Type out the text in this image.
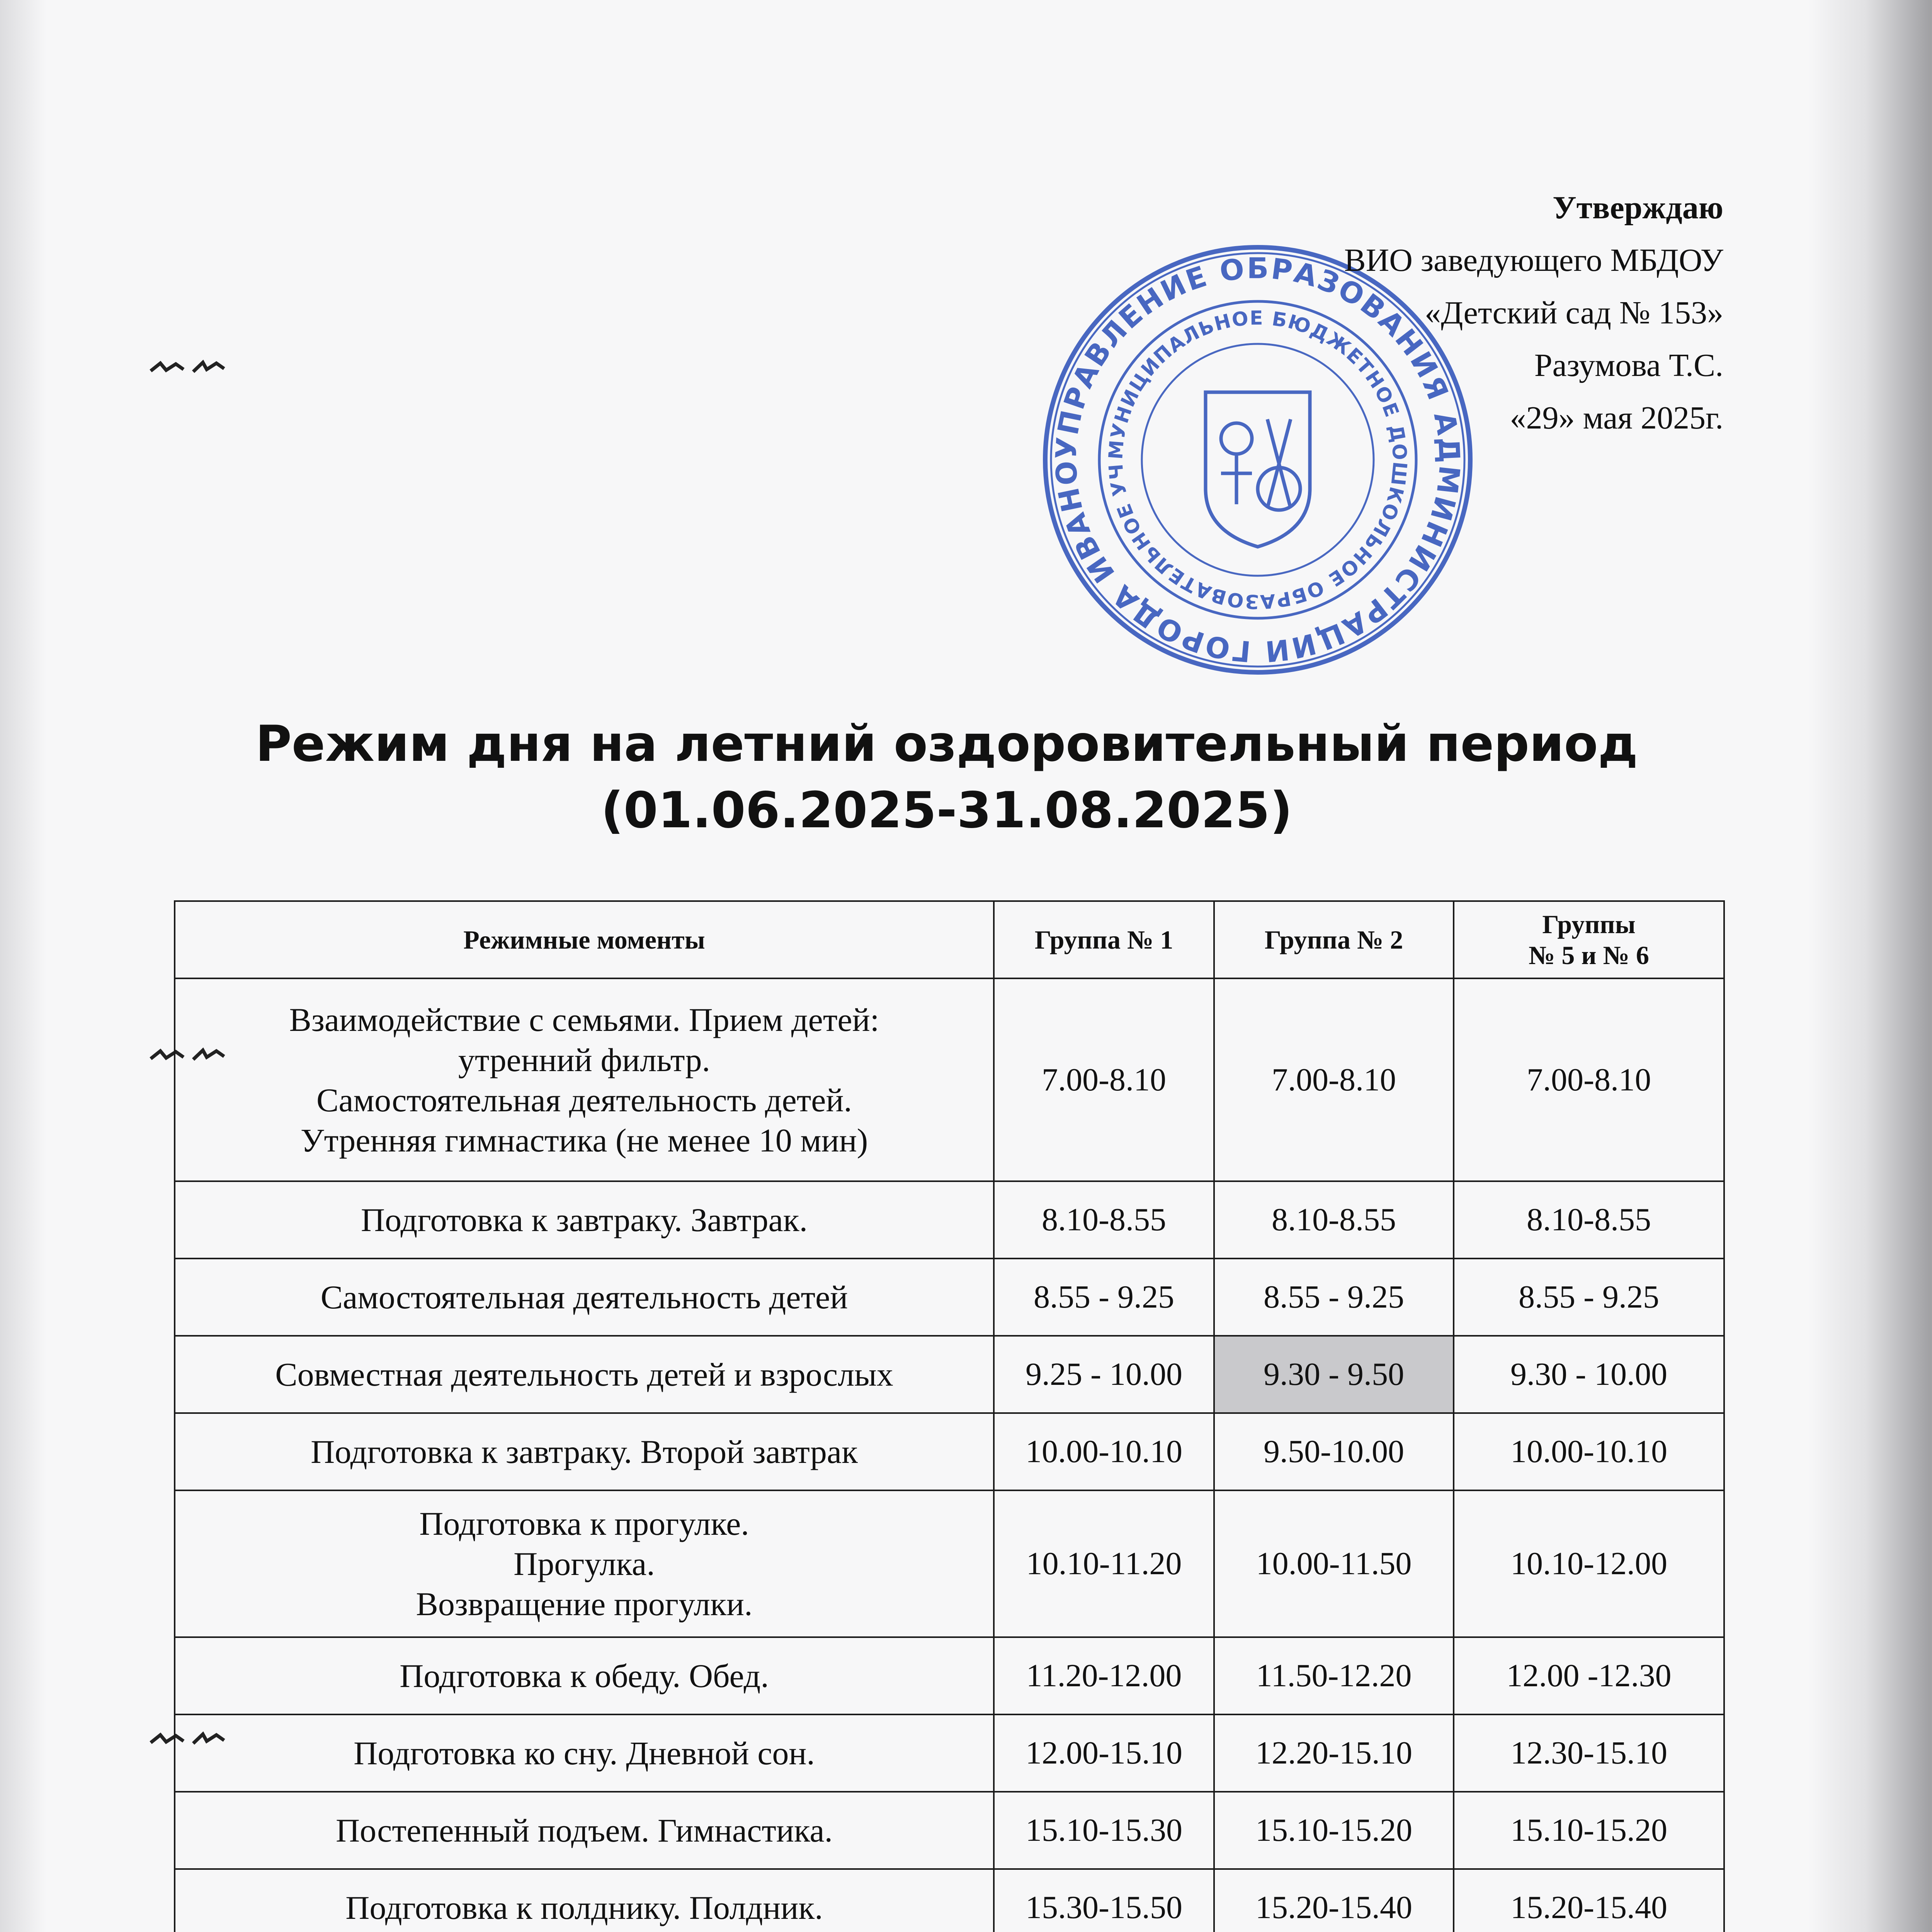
УПРАВЛЕНИЕ ОБРАЗОВАНИЯ АДМИНИСТРАЦИИ ГОРОДА ИВАНО
МУНИЦИПАЛЬНОЕ БЮДЖЕТНОЕ ДОШКОЛЬНОЕ ОБРАЗОВАТЕЛЬНОЕ УЧ
Утверждаю
ВИО заведующего МБДОУ
«Детский сад № 153»
Разумова Т.С.
«29» мая 2025г.
Режим дня на летний оздоровительный период
(01.06.2025-31.08.2025)
Режимные моменты	Группа № 1	Группа № 2	Группы
№ 5 и № 6

Взаимодействие с семьями. Прием детей:
утренний фильтр.
Самостоятельная деятельность детей.
Утренняя гимнастика (не менее 10 мин)	7.00-8.10	7.00-8.10	7.00-8.10

Подготовка к завтраку. Завтрак.	8.10-8.55	8.10-8.55	8.10-8.55

Самостоятельная деятельность детей	8.55 - 9.25	8.55 - 9.25	8.55 - 9.25

Совместная деятельность детей и взрослых	9.25 - 10.00	9.30 - 9.50	9.30 - 10.00

Подготовка к завтраку. Второй завтрак	10.00-10.10	9.50-10.00	10.00-10.10

Подготовка к прогулке.
Прогулка.
Возвращение прогулки.	10.10-11.20	10.00-11.50	10.10-12.00

Подготовка к обеду. Обед.	11.20-12.00	11.50-12.20	12.00 -12.30

Подготовка ко сну. Дневной сон.	12.00-15.10	12.20-15.10	12.30-15.10

Постепенный подъем. Гимнастика.	15.10-15.30	15.10-15.20	15.10-15.20

Подготовка к полднику. Полдник.	15.30-15.50	15.20-15.40	15.20-15.40
